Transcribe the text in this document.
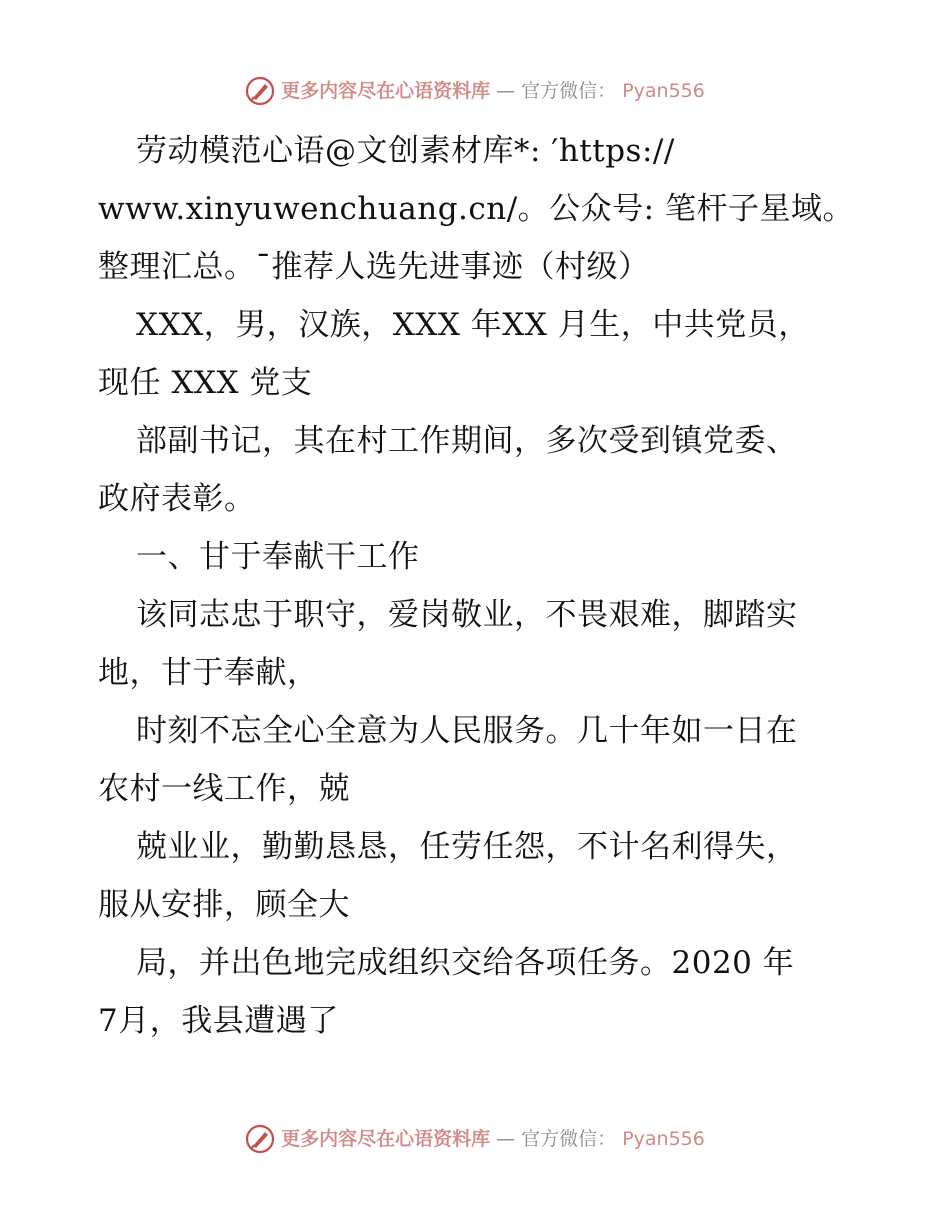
更多内容尽在心语资料库 — 官方微信： Pyan556
劳动模范心语@文创素材库*: ′https://
www.xinyuwenchuang.cn/。公众号: 笔杆子星域。
整理汇总。¯推荐人选先进事迹（村级）
XXX，男，汉族，XXX 年XX 月生，中共党员，
现任 XXX 党支
部副书记，其在村工作期间，多次受到镇党委、
政府表彰。
一、甘于奉献干工作
该同志忠于职守，爱岗敬业，不畏艰难，脚踏实
地，甘于奉献，
时刻不忘全心全意为人民服务。几十年如一日在
农村一线工作，兢
兢业业，勤勤恳恳，任劳任怨，不计名利得失，
服从安排，顾全大
局，并出色地完成组织交给各项任务。2020 年
7月，我县遭遇了
更多内容尽在心语资料库 — 官方微信： Pyan556
